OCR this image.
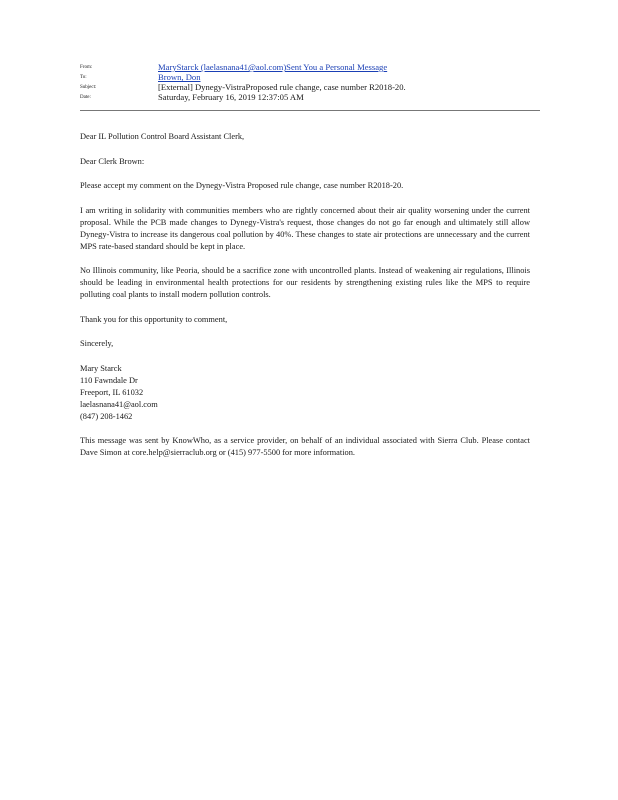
From:	MaryStarck (laelasnana41@aol.com)Sent You a Personal Message
To:	Brown, Don
Subject:	[External] Dynegy-VistraProposed rule change, case number R2018-20.
Date:	Saturday, February 16, 2019 12:37:05 AM

Dear IL Pollution Control Board Assistant Clerk,

Dear Clerk Brown:

Please accept my comment on the Dynegy-Vistra Proposed rule change, case number R2018-20.

I am writing in solidarity with communities members who are rightly concerned about their air quality worsening under the current proposal. While the PCB made changes to Dynegy-Vistra's request, those changes do not go far enough and ultimately still allow Dynegy-Vistra to increase its dangerous coal pollution by 40%. These changes to state air protections are unnecessary and the current MPS rate-based standard should be kept in place.

No Illinois community, like Peoria, should be a sacrifice zone with uncontrolled plants. Instead of weakening air regulations, Illinois should be leading in environmental health protections for our residents by strengthening existing rules like the MPS to require polluting coal plants to install modern pollution controls.

Thank you for this opportunity to comment,

Sincerely,

Mary Starck
110 Fawndale Dr
Freeport, IL 61032
laelasnana41@aol.com
(847) 208-1462

This message was sent by KnowWho, as a service provider, on behalf of an individual associated with Sierra Club. Please contact Dave Simon at core.help@sierraclub.org or (415) 977-5500 for more information.
